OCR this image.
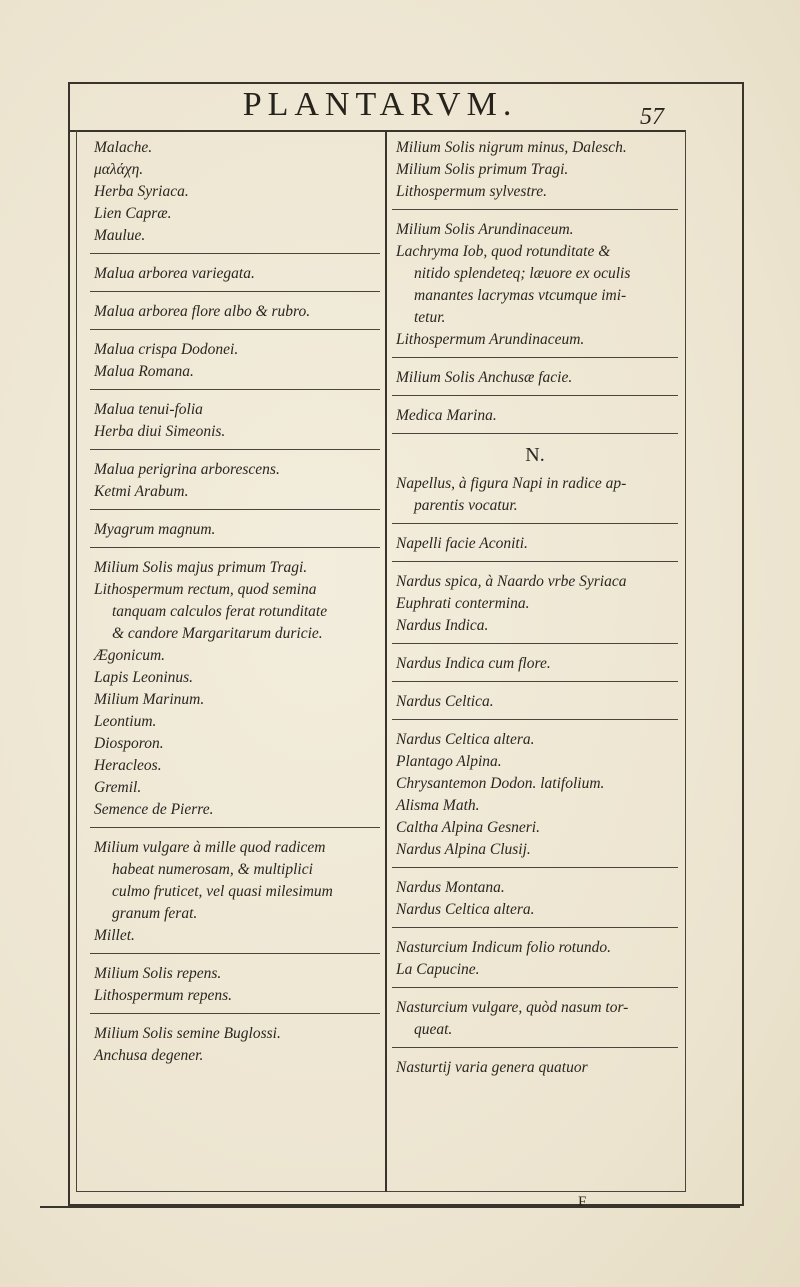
PLANTARVM.	57
Malache.
μαλάχη.
Herba Syriaca.
Lien Capræ.
Maulue.
Malua arborea variegata.
Malua arborea flore albo & rubro.
Malua crispa Dodonei.
Malua Romana.
Malua tenui-folia
Herba diui Simeonis.
Malua perigrina arborescens.
Ketmi Arabum.
Myagrum magnum.
Milium Solis majus primum Tragi.
Lithospermum rectum, quod semina
tanquam calculos ferat rotunditate
& candore Margaritarum duricie.
Ægonicum.
Lapis Leoninus.
Milium Marinum.
Leontium.
Diosporon.
Heracleos.
Gremil.
Semence de Pierre.
Milium vulgare à mille quod radicem
habeat numerosam, & multiplici
culmo fruticet, vel quasi milesimum
granum ferat.
Millet.
Milium Solis repens.
Lithospermum repens.
Milium Solis semine Buglossi.
Anchusa degener.
Milium Solis nigrum minus, Dalesch.
Milium Solis primum Tragi.
Lithospermum sylvestre.
Milium Solis Arundinaceum.
Lachryma Iob, quod rotunditate &
nitido splendeteq; læuore ex oculis
manantes lacrymas vtcumque imi-
tetur.
Lithospermum Arundinaceum.
Milium Solis Anchusæ facie.
Medica Marina.
N.
Napellus, à figura Napi in radice ap-
parentis vocatur.
Napelli facie Aconiti.
Nardus spica, à Naardo vrbe Syriaca
Euphrati contermina.
Nardus Indica.
Nardus Indica cum flore.
Nardus Celtica.
Nardus Celtica altera.
Plantago Alpina.
Chrysantemon Dodon. latifolium.
Alisma Math.
Caltha Alpina Gesneri.
Nardus Alpina Clusij.
Nardus Montana.
Nardus Celtica altera.
Nasturcium Indicum folio rotundo.
La Capucine.
Nasturcium vulgare, quòd nasum tor-
queat.
Nasturtij varia genera quatuor
F
